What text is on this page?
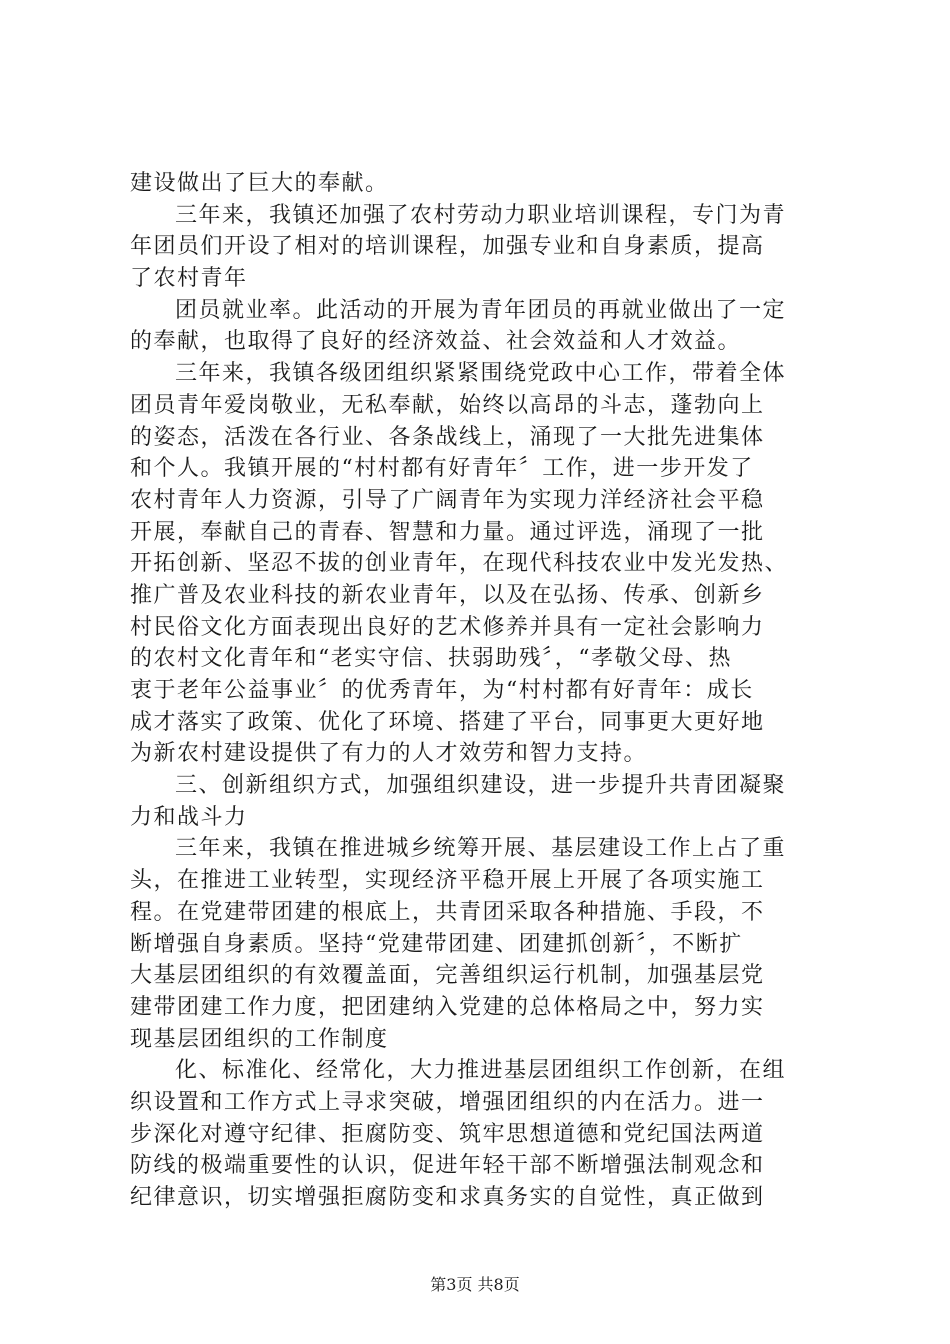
建设做出了巨大的奉献。
三年来，我镇还加强了农村劳动力职业培训课程，专门为青
年团员们开设了相对的培训课程，加强专业和自身素质，提高
了农村青年
团员就业率。此活动的开展为青年团员的再就业做出了一定
的奉献，也取得了良好的经济效益、社会效益和人才效益。
三年来，我镇各级团组织紧紧围绕党政中心工作，带着全体
团员青年爱岗敬业，无私奉献，始终以高昂的斗志，蓬勃向上
的姿态，活泼在各行业、各条战线上，涌现了一大批先进集体
和个人。我镇开展的“村村都有好青年〞工作，进一步开发了
农村青年人力资源，引导了广阔青年为实现力洋经济社会平稳
开展，奉献自己的青春、智慧和力量。通过评选，涌现了一批
开拓创新、坚忍不拔的创业青年，在现代科技农业中发光发热、
推广普及农业科技的新农业青年，以及在弘扬、传承、创新乡
村民俗文化方面表现出良好的艺术修养并具有一定社会影响力
的农村文化青年和“老实守信、扶弱助残〞，“孝敬父母、热
衷于老年公益事业〞的优秀青年，为“村村都有好青年：成长
成才落实了政策、优化了环境、搭建了平台，同事更大更好地
为新农村建设提供了有力的人才效劳和智力支持。
三、创新组织方式，加强组织建设，进一步提升共青团凝聚
力和战斗力
三年来，我镇在推进城乡统筹开展、基层建设工作上占了重
头，在推进工业转型，实现经济平稳开展上开展了各项实施工
程。在党建带团建的根底上，共青团采取各种措施、手段，不
断增强自身素质。坚持“党建带团建、团建抓创新〞，不断扩
大基层团组织的有效覆盖面，完善组织运行机制，加强基层党
建带团建工作力度，把团建纳入党建的总体格局之中，努力实
现基层团组织的工作制度
化、标准化、经常化，大力推进基层团组织工作创新，在组
织设置和工作方式上寻求突破，增强团组织的内在活力。进一
步深化对遵守纪律、拒腐防变、筑牢思想道德和党纪国法两道
防线的极端重要性的认识，促进年轻干部不断增强法制观念和
纪律意识，切实增强拒腐防变和求真务实的自觉性，真正做到
第3页 共8页
